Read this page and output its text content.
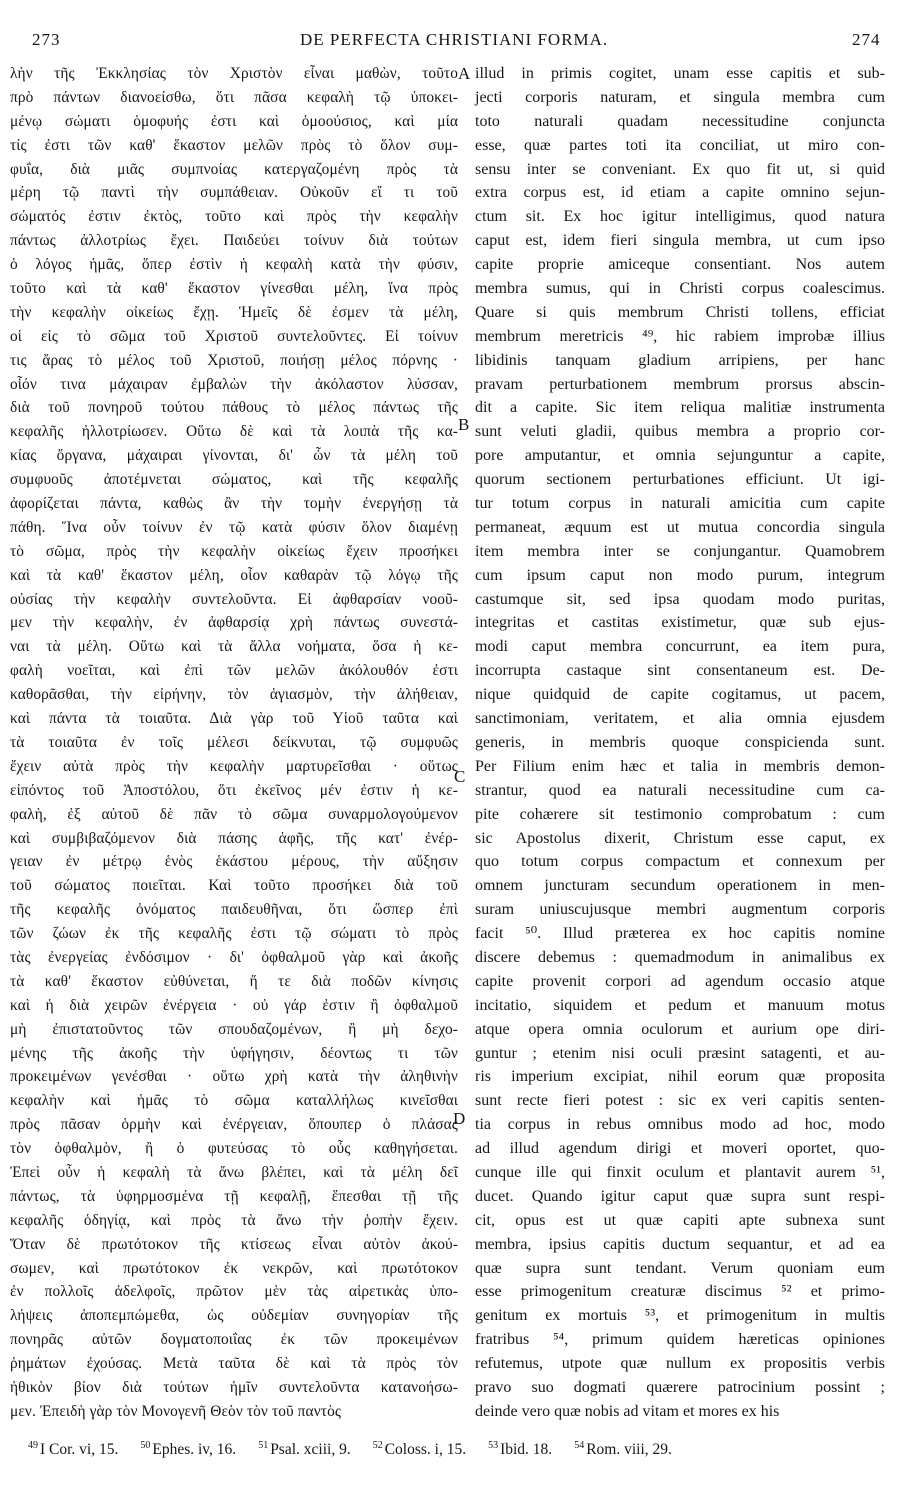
273	DE PERFECTA CHRISTIANI FORMA.	274
λὴν τῆς Ἐκκλησίας τὸν Χριστὸν εἶναι μαθὼν, τοῦτο
πρὸ πάντων διανοείσθω, ὅτι πᾶσα κεφαλὴ τῷ ὑποκει-
μένῳ σώματι ὁμοφυής ἐστι καὶ ὁμοούσιος, καὶ μία
τίς ἐστι τῶν καθ' ἕκαστον μελῶν πρὸς τὸ ὅλον συμ-
φυΐα, διὰ μιᾶς συμπνοίας κατεργαζομένη πρὸς τὰ
μέρη τῷ παντὶ τὴν συμπάθειαν. Οὐκοῦν εἴ τι τοῦ
σώματός ἐστιν ἐκτὸς, τοῦτο καὶ πρὸς τὴν κεφαλὴν
πάντως ἀλλοτρίως ἔχει. Παιδεύει τοίνυν διὰ τούτων
ὁ λόγος ἡμᾶς, ὅπερ ἐστὶν ἡ κεφαλὴ κατὰ τὴν φύσιν,
τοῦτο καὶ τὰ καθ' ἕκαστον γίνεσθαι μέλη, ἵνα πρὸς
τὴν κεφαλὴν οἰκείως ἔχῃ. Ἡμεῖς δὲ ἐσμεν τὰ μέλη,
οἱ εἰς τὸ σῶμα τοῦ Χριστοῦ συντελοῦντες. Εἰ τοίνυν
τις ἄρας τὸ μέλος τοῦ Χριστοῦ, ποιήσῃ μέλος πόρνης ·
οἷόν τινα μάχαιραν ἐμβαλὼν τὴν ἀκόλαστον λύσσαν,
διὰ τοῦ πονηροῦ τούτου πάθους τὸ μέλος πάντως τῆς
κεφαλῆς ἠλλοτρίωσεν. Οὕτω δὲ καὶ τὰ λοιπὰ τῆς κα-
κίας ὄργανα, μάχαιραι γίνονται, δι' ὧν τὰ μέλη τοῦ
συμφυοῦς ἀποτέμνεται σώματος, καὶ τῆς κεφαλῆς
ἀφορίζεται πάντα, καθὼς ἂν τὴν τομὴν ἐνεργήσῃ τὰ
πάθη. Ἵνα οὖν τοίνυν ἐν τῷ κατὰ φύσιν ὅλον διαμένῃ
τὸ σῶμα, πρὸς τὴν κεφαλὴν οἰκείως ἔχειν προσήκει
καὶ τὰ καθ' ἕκαστον μέλη, οἷον καθαρὰν τῷ λόγῳ τῆς
οὐσίας τὴν κεφαλὴν συντελοῦντα. Εἰ ἀφθαρσίαν νοοῦ-
μεν τὴν κεφαλὴν, ἐν ἀφθαρσίᾳ χρὴ πάντως συνεστά-
ναι τὰ μέλη. Οὕτω καὶ τὰ ἄλλα νοήματα, ὅσα ἡ κε-
φαλὴ νοεῖται, καὶ ἐπὶ τῶν μελῶν ἀκόλουθόν ἐστι
καθορᾶσθαι, τὴν εἰρήνην, τὸν ἁγιασμὸν, τὴν ἀλήθειαν,
καὶ πάντα τὰ τοιαῦτα. Διὰ γὰρ τοῦ Υἱοῦ ταῦτα καὶ
τὰ τοιαῦτα ἐν τοῖς μέλεσι δείκνυται, τῷ συμφυῶς
ἔχειν αὐτὰ πρὸς τὴν κεφαλὴν μαρτυρεῖσθαι · οὕτως
εἰπόντος τοῦ Ἀποστόλου, ὅτι ἐκεῖνος μέν ἐστιν ἡ κε-
φαλὴ, ἐξ αὐτοῦ δὲ πᾶν τὸ σῶμα συναρμολογούμενον
καὶ συμβιβαζόμενον διὰ πάσης ἁφῆς, τῆς κατ' ἐνέρ-
γειαν ἐν μέτρῳ ἑνὸς ἑκάστου μέρους, τὴν αὔξησιν
τοῦ σώματος ποιεῖται. Καὶ τοῦτο προσήκει διὰ τοῦ
τῆς κεφαλῆς ὀνόματος παιδευθῆναι, ὅτι ὥσπερ ἐπὶ
τῶν ζώων ἐκ τῆς κεφαλῆς ἐστι τῷ σώματι τὸ πρὸς
τὰς ἐνεργείας ἐνδόσιμον · δι' ὀφθαλμοῦ γὰρ καὶ ἀκοῆς
τὰ καθ' ἕκαστον εὐθύνεται, ἥ τε διὰ ποδῶν κίνησις
καὶ ἡ διὰ χειρῶν ἐνέργεια · οὐ γάρ ἐστιν ἢ ὀφθαλμοῦ
μὴ ἐπιστατοῦντος τῶν σπουδαζομένων, ἢ μὴ δεχο-
μένης τῆς ἀκοῆς τὴν ὑφήγησιν, δέοντως τι τῶν
προκειμένων γενέσθαι · οὕτω χρὴ κατὰ τὴν ἀληθινὴν
κεφαλὴν καὶ ἡμᾶς τὸ σῶμα καταλλήλως κινεῖσθαι
πρὸς πᾶσαν ὁρμὴν καὶ ἐνέργειαν, ὅπουπερ ὁ πλάσας
τὸν ὀφθαλμὸν, ἢ ὁ φυτεύσας τὸ οὖς καθηγήσεται.
Ἐπεὶ οὖν ἡ κεφαλὴ τὰ ἄνω βλέπει, καὶ τὰ μέλη δεῖ
πάντως, τὰ ὑφηρμοσμένα τῇ κεφαλῇ, ἕπεσθαι τῇ τῆς
κεφαλῆς ὁδηγίᾳ, καὶ πρὸς τὰ ἄνω τὴν ῥοπὴν ἔχειν.
Ὅταν δὲ πρωτότοκον τῆς κτίσεως εἶναι αὐτὸν ἀκού-
σωμεν, καὶ πρωτότοκον ἐκ νεκρῶν, καὶ πρωτότοκον
ἐν πολλοῖς ἀδελφοῖς, πρῶτον μὲν τὰς αἱρετικὰς ὑπο-
λήψεις ἀποπεμπώμεθα, ὡς οὐδεμίαν συνηγορίαν τῆς
πονηρᾶς αὐτῶν δογματοποιΐας ἐκ τῶν προκειμένων
ῥημάτων ἐχούσας. Μετὰ ταῦτα δὲ καὶ τὰ πρὸς τὸν
ἠθικὸν βίον διὰ τούτων ἡμῖν συντελοῦντα κατανοήσω-
μεν. Ἐπειδὴ γὰρ τὸν Μονογενῆ Θεὸν τὸν τοῦ παντὸς
illud in primis cogitet, unam esse capitis et sub-
jecti corporis naturam, et singula membra cum
toto naturali quadam necessitudine conjuncta
esse, quæ partes toti ita conciliat, ut miro con-
sensu inter se conveniant. Ex quo fit ut, si quid
extra corpus est, id etiam a capite omnino sejun-
ctum sit. Ex hoc igitur intelligimus, quod natura
caput est, idem fieri singula membra, ut cum ipso
capite proprie amiceque consentiant. Nos autem
membra sumus, qui in Christi corpus coalescimus.
Quare si quis membrum Christi tollens, efficiat
membrum meretricis ⁴⁹, hic rabiem improbæ illius
libidinis tanquam gladium arripiens, per hanc
pravam perturbationem membrum prorsus abscin-
dit a capite. Sic item reliqua malitiæ instrumenta
sunt veluti gladii, quibus membra a proprio cor-
pore amputantur, et omnia sejunguntur a capite,
quorum sectionem perturbationes efficiunt. Ut igi-
tur totum corpus in naturali amicitia cum capite
permaneat, æquum est ut mutua concordia singula
item membra inter se conjungantur. Quamobrem
cum ipsum caput non modo purum, integrum
castumque sit, sed ipsa quodam modo puritas,
integritas et castitas existimetur, quæ sub ejus-
modi caput membra concurrunt, ea item pura,
incorrupta castaque sint consentaneum est. De-
nique quidquid de capite cogitamus, ut pacem,
sanctimoniam, veritatem, et alia omnia ejusdem
generis, in membris quoque conspicienda sunt.
Per Filium enim hæc et talia in membris demon-
strantur, quod ea naturali necessitudine cum ca-
pite cohærere sit testimonio comprobatum : cum
sic Apostolus dixerit, Christum esse caput, ex
quo totum corpus compactum et connexum per
omnem juncturam secundum operationem in men-
suram uniuscujusque membri augmentum corporis
facit ⁵⁰. Illud præterea ex hoc capitis nomine
discere debemus : quemadmodum in animalibus ex
capite provenit corpori ad agendum occasio atque
incitatio, siquidem et pedum et manuum motus
atque opera omnia oculorum et aurium ope diri-
guntur ; etenim nisi oculi præsint satagenti, et au-
ris imperium excipiat, nihil eorum quæ proposita
sunt recte fieri potest : sic ex veri capitis senten-
tia corpus in rebus omnibus modo ad hoc, modo
ad illud agendum dirigi et moveri oportet, quo-
cunque ille qui finxit oculum et plantavit aurem ⁵¹,
ducet. Quando igitur caput quæ supra sunt respi-
cit, opus est ut quæ capiti apte subnexa sunt
membra, ipsius capitis ductum sequantur, et ad ea
quæ supra sunt tendant. Verum quoniam eum
esse primogenitum creaturæ discimus ⁵² et primo-
genitum ex mortuis ⁵³, et primogenitum in multis
fratribus ⁵⁴, primum quidem hæreticas opiniones
refutemus, utpote quæ nullum ex propositis verbis
pravo suo dogmati quærere patrocinium possint ;
deinde vero quæ nobis ad vitam et mores ex his
A
B
C
D
$^{49}$ I Cor. vi, 15. $^{50}$ Ephes. iv, 16. $^{51}$ Psal. xciii, 9. $^{52}$ Coloss. i, 15. $^{53}$ Ibid. 18. $^{54}$ Rom. viii, 29.
